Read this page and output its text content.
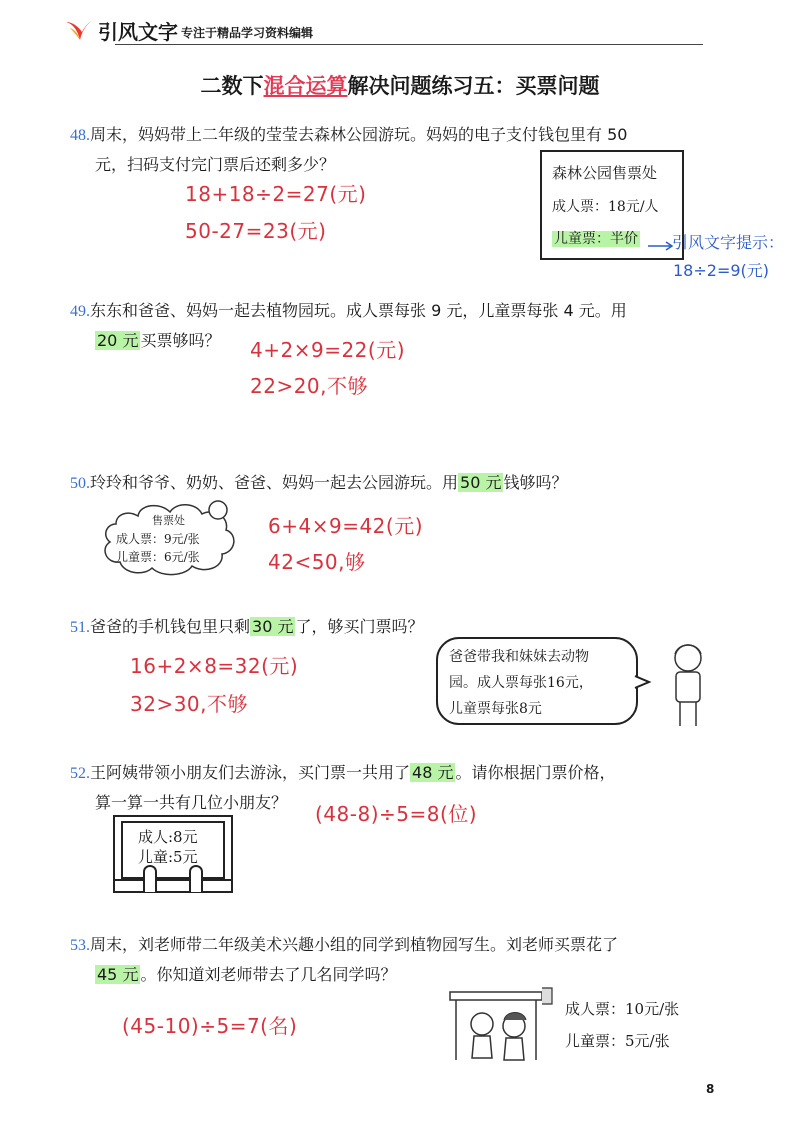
引风文字 专注于精品学习资料编辑
二数下混合运算解决问题练习五：买票问题
48.周末，妈妈带上二年级的莹莹去森林公园游玩。妈妈的电子支付钱包里有 50
元，扫码支付完门票后还剩多少？
18+18÷2=27(元)
50-27=23(元)
森林公园售票处
成人票：18元/人
儿童票：半价 引风文字提示：
18÷2=9(元)
49.东东和爸爸、妈妈一起去植物园玩。成人票每张 9 元，儿童票每张 4 元。用
20 元 买票够吗？ 4+2×9=22(元)
22>20,不够
50.玲玲和爷爷、奶奶、爸爸、妈妈一起去公园游玩。用 50 元 钱够吗？
售票处
成人票：9元/张
儿童票：6元/张
6+4×9=42(元)
42<50,够
51.爸爸的手机钱包里只剩 30 元 了，够买门票吗？
16+2×8=32(元)
32>30,不够
爸爸带我和妹妹去动物
园。成人票每张16元，
儿童票每张8元
52.王阿姨带领小朋友们去游泳，买门票一共用了 48 元 。请你根据门票价格，
算一算一共有几位小朋友？ (48-8)÷5=8(位)
成人:8元
儿童:5元
53.周末，刘老师带二年级美术兴趣小组的同学到植物园写生。刘老师买票花了
45 元 。你知道刘老师带去了几名同学吗？
(45-10)÷5=7(名)
成人票：10元/张
儿童票：5元/张
8
